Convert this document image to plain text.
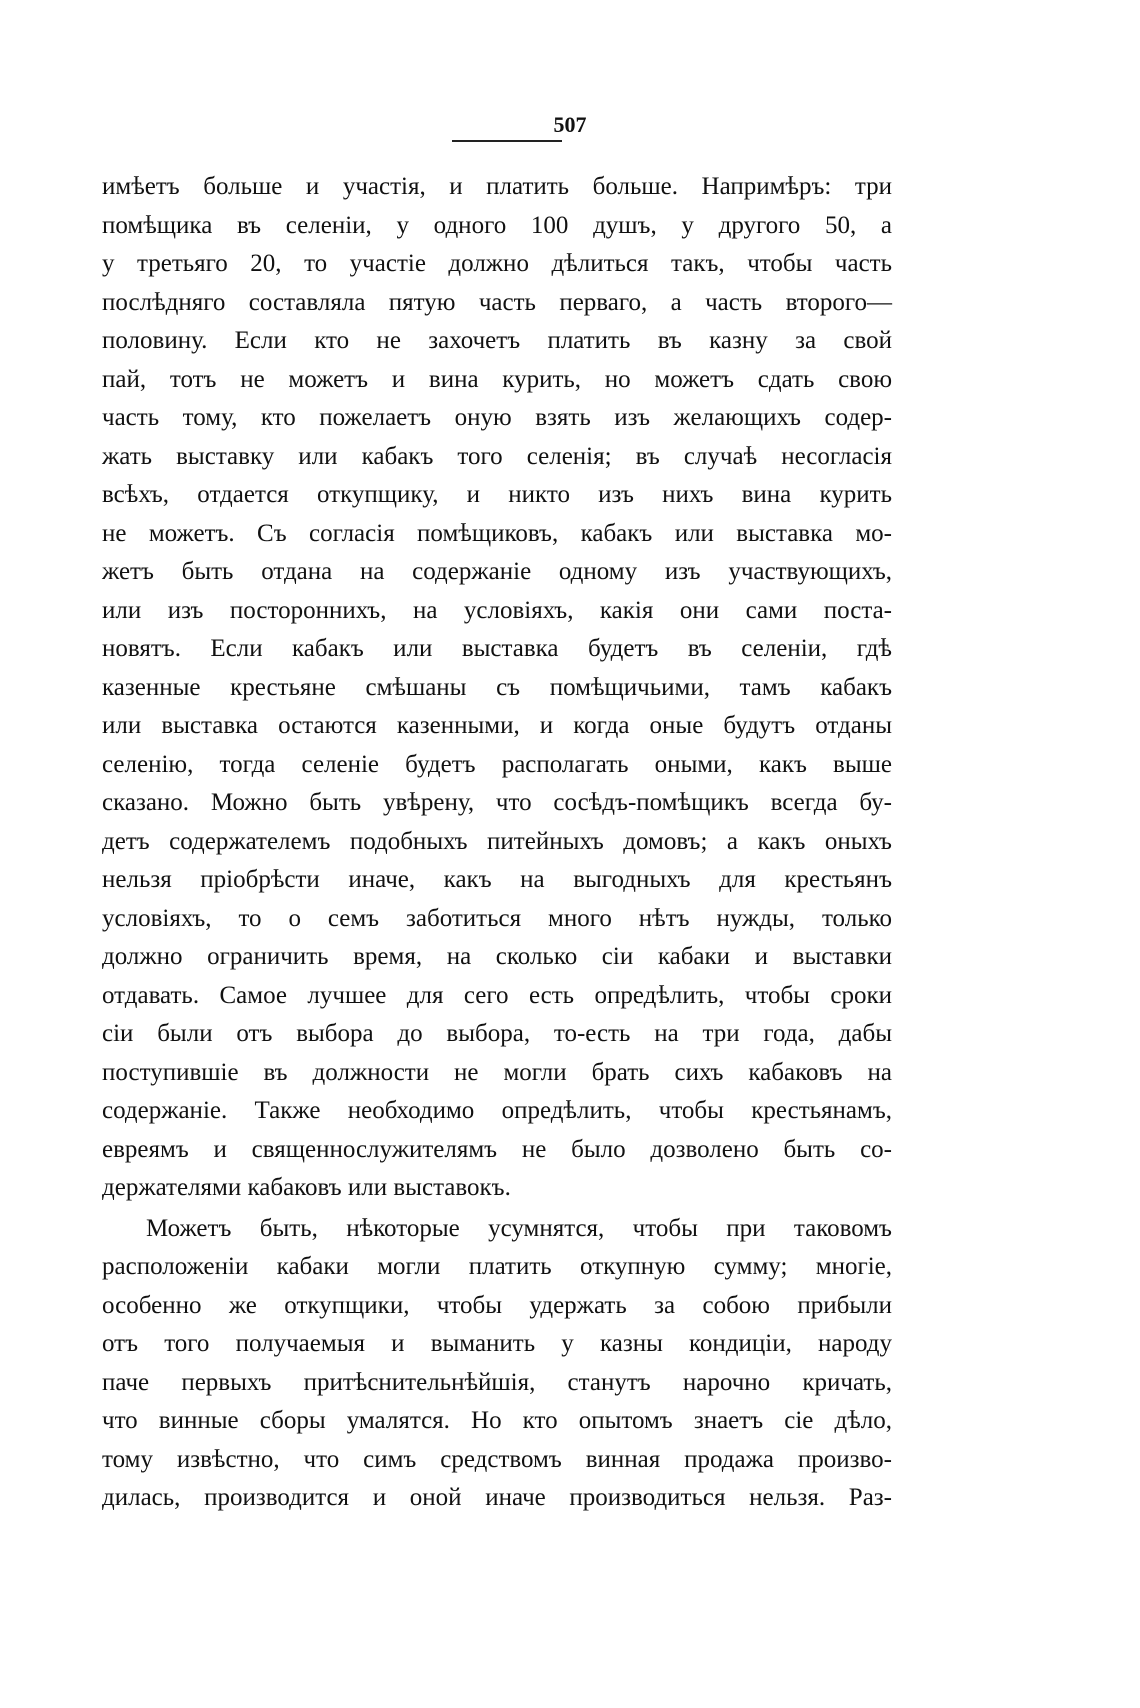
507
имѣетъ больше и участія, и платить больше. Напримѣръ: три
помѣщика въ селеніи, у одного 100 душъ, у другого 50, а
у третьяго 20, то участіе должно дѣлиться такъ, чтобы часть
послѣдняго составляла пятую часть перваго, а часть второго—
половину. Если кто не захочетъ платить въ казну за свой
пай, тотъ не можетъ и вина курить, но можетъ сдать свою
часть тому, кто пожелаетъ оную взять изъ желающихъ содер-
жать выставку или кабакъ того селенія; въ случаѣ несогласія
всѣхъ, отдается откупщику, и никто изъ нихъ вина курить
не можетъ. Съ согласія помѣщиковъ, кабакъ или выставка мо-
жетъ быть отдана на содержаніе одному изъ участвующихъ,
или изъ постороннихъ, на условіяхъ, какія они сами поста-
новятъ. Если кабакъ или выставка будетъ въ селеніи, гдѣ
казенные крестьяне смѣшаны съ помѣщичьими, тамъ кабакъ
или выставка остаются казенными, и когда оные будутъ отданы
селенію, тогда селеніе будетъ располагать оными, какъ выше
сказано. Можно быть увѣрену, что сосѣдъ-помѣщикъ всегда бу-
детъ содержателемъ подобныхъ питейныхъ домовъ; а какъ оныхъ
нельзя пріобрѣсти иначе, какъ на выгодныхъ для крестьянъ
условіяхъ, то о семъ заботиться много нѣтъ нужды, только
должно ограничить время, на сколько сіи кабаки и выставки
отдавать. Самое лучшее для сего есть опредѣлить, чтобы сроки
сіи были отъ выбора до выбора, то-есть на три года, дабы
поступившіе въ должности не могли брать сихъ кабаковъ на
содержаніе. Также необходимо опредѣлить, чтобы крестьянамъ,
евреямъ и священнослужителямъ не было дозволено быть со-
держателями кабаковъ или выставокъ.
Можетъ быть, нѣкоторые усумнятся, чтобы при таковомъ
расположеніи кабаки могли платить откупную сумму; многіе,
особенно же откупщики, чтобы удержать за собою прибыли
отъ того получаемыя и выманить у казны кондиціи, народу
паче первыхъ притѣснительнѣйшія, станутъ нарочно кричать,
что винные сборы умалятся. Но кто опытомъ знаетъ сіе дѣло,
тому извѣстно, что симъ средствомъ винная продажа произво-
дилась, производится и оной иначе производиться нельзя. Раз-
